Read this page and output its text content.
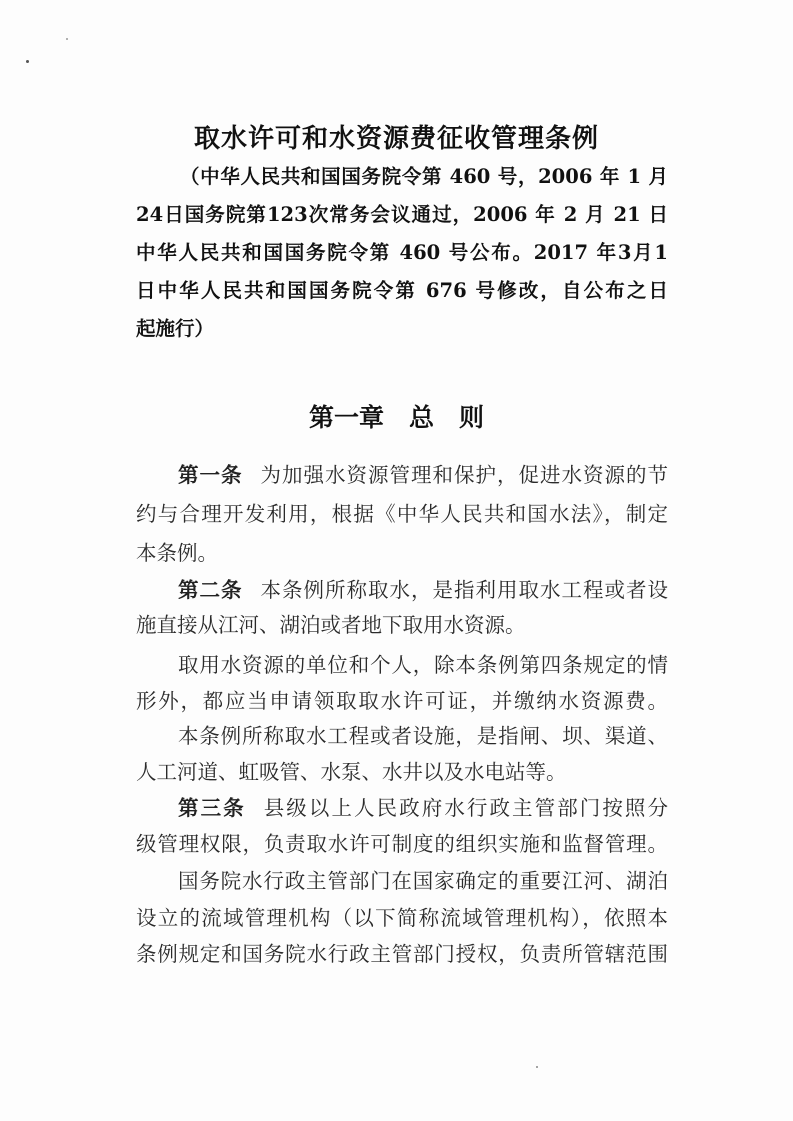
取水许可和水资源费征收管理条例
（中华人民共和国国务院令第 460 号，2006 年 1 月
24日国务院第123次常务会议通过，2006 年 2 月 21 日
中华人民共和国国务院令第 460 号公布。2017 年3月1
日中华人民共和国国务院令第 676 号修改，自公布之日
起施行）
第一章　总　则
第一条 为加强水资源管理和保护，促进水资源的节
约与合理开发利用，根据《中华人民共和国水法》，制定
本条例。
第二条 本条例所称取水，是指利用取水工程或者设
施直接从江河、湖泊或者地下取用水资源。
取用水资源的单位和个人，除本条例第四条规定的情
形外，都应当申请领取取水许可证，并缴纳水资源费。
本条例所称取水工程或者设施，是指闸、坝、渠道、
人工河道、虹吸管、水泵、水井以及水电站等。
第三条 县级以上人民政府水行政主管部门按照分
级管理权限，负责取水许可制度的组织实施和监督管理。
国务院水行政主管部门在国家确定的重要江河、湖泊
设立的流域管理机构（以下简称流域管理机构），依照本
条例规定和国务院水行政主管部门授权，负责所管辖范围
